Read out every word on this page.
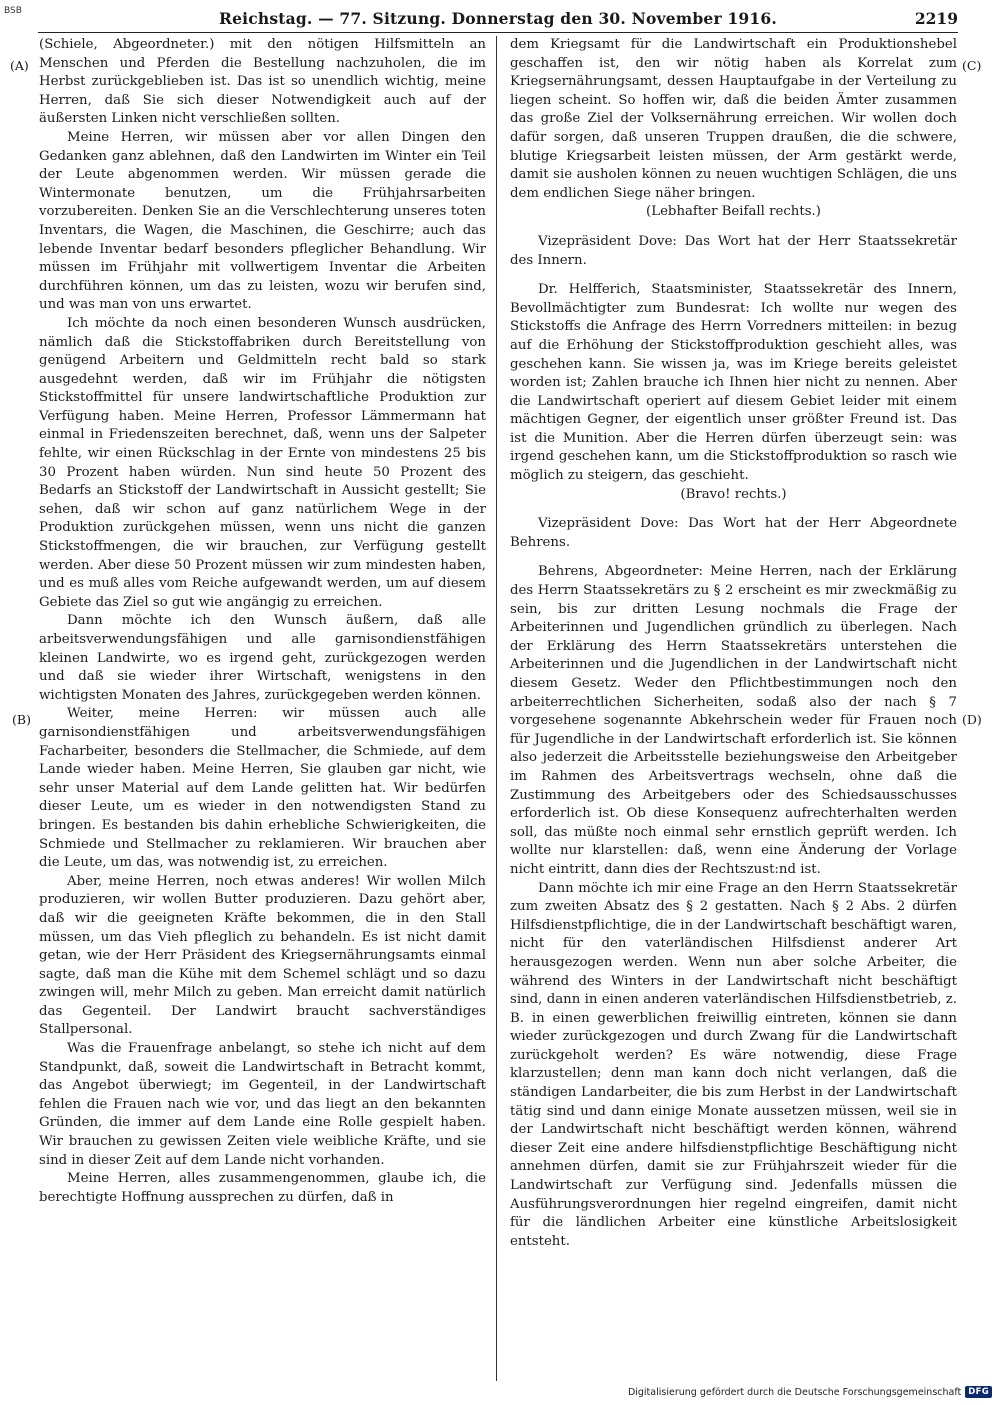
BSB	Reichstag. — 77. Sitzung. Donnerstag den 30. November 1916.	2219
(A)
(B)
(C)
(D)

(Schiele, Abgeordneter.) mit den nötigen Hilfsmitteln an Menschen und Pferden die Bestellung nachzuholen, die im Herbst zurückgeblieben ist. Das ist so unendlich wichtig, meine Herren, daß Sie sich dieser Notwendigkeit auch auf der äußersten Linken nicht verschließen sollten.

Meine Herren, wir müssen aber vor allen Dingen den Gedanken ganz ablehnen, daß den Landwirten im Winter ein Teil der Leute abgenommen werden. Wir müssen gerade die Wintermonate benutzen, um die Frühjahrsarbeiten vorzubereiten. Denken Sie an die Verschlechterung unseres toten Inventars, die Wagen, die Maschinen, die Geschirre; auch das lebende Inventar bedarf besonders pfleglicher Behandlung. Wir müssen im Frühjahr mit vollwertigem Inventar die Arbeiten durchführen können, um das zu leisten, wozu wir berufen sind, und was man von uns erwartet.

Ich möchte da noch einen besonderen Wunsch ausdrücken, nämlich daß die Stickstoffabriken durch Bereitstellung von genügend Arbeitern und Geldmitteln recht bald so stark ausgedehnt werden, daß wir im Frühjahr die nötigsten Stickstoffmittel für unsere landwirtschaftliche Produktion zur Verfügung haben. Meine Herren, Professor Lämmermann hat einmal in Friedenszeiten berechnet, daß, wenn uns der Salpeter fehlte, wir einen Rückschlag in der Ernte von mindestens 25 bis 30 Prozent haben würden. Nun sind heute 50 Prozent des Bedarfs an Stickstoff der Landwirtschaft in Aussicht gestellt; Sie sehen, daß wir schon auf ganz natürlichem Wege in der Produktion zurückgehen müssen, wenn uns nicht die ganzen Stickstoffmengen, die wir brauchen, zur Verfügung gestellt werden. Aber diese 50 Prozent müssen wir zum mindesten haben, und es muß alles vom Reiche aufgewandt werden, um auf diesem Gebiete das Ziel so gut wie angängig zu erreichen.

Dann möchte ich den Wunsch äußern, daß alle arbeitsverwendungsfähigen und alle garnisondienstfähigen kleinen Landwirte, wo es irgend geht, zurückgezogen werden und daß sie wieder ihrer Wirtschaft, wenigstens in den wichtigsten Monaten des Jahres, zurückgegeben werden können.

Weiter, meine Herren: wir müssen auch alle garnisondienstfähigen und arbeitsverwendungsfähigen Facharbeiter, besonders die Stellmacher, die Schmiede, auf dem Lande wieder haben. Meine Herren, Sie glauben gar nicht, wie sehr unser Material auf dem Lande gelitten hat. Wir bedürfen dieser Leute, um es wieder in den notwendigsten Stand zu bringen. Es bestanden bis dahin erhebliche Schwierigkeiten, die Schmiede und Stellmacher zu reklamieren. Wir brauchen aber die Leute, um das, was notwendig ist, zu erreichen.

Aber, meine Herren, noch etwas anderes! Wir wollen Milch produzieren, wir wollen Butter produzieren. Dazu gehört aber, daß wir die geeigneten Kräfte bekommen, die in den Stall müssen, um das Vieh pfleglich zu behandeln. Es ist nicht damit getan, wie der Herr Präsident des Kriegsernährungsamts einmal sagte, daß man die Kühe mit dem Schemel schlägt und so dazu zwingen will, mehr Milch zu geben. Man erreicht damit natürlich das Gegenteil. Der Landwirt braucht sachverständiges Stallpersonal.

Was die Frauenfrage anbelangt, so stehe ich nicht auf dem Standpunkt, daß, soweit die Landwirtschaft in Betracht kommt, das Angebot überwiegt; im Gegenteil, in der Landwirtschaft fehlen die Frauen nach wie vor, und das liegt an den bekannten Gründen, die immer auf dem Lande eine Rolle gespielt haben. Wir brauchen zu gewissen Zeiten viele weibliche Kräfte, und sie sind in dieser Zeit auf dem Lande nicht vorhanden.

Meine Herren, alles zusammengenommen, glaube ich, die berechtigte Hoffnung aussprechen zu dürfen, daß in

dem Kriegsamt für die Landwirtschaft ein Produktionshebel geschaffen ist, den wir nötig haben als Korrelat zum Kriegsernährungsamt, dessen Hauptaufgabe in der Verteilung zu liegen scheint. So hoffen wir, daß die beiden Ämter zusammen das große Ziel der Volksernährung erreichen. Wir wollen doch dafür sorgen, daß unseren Truppen draußen, die die schwere, blutige Kriegsarbeit leisten müssen, der Arm gestärkt werde, damit sie ausholen können zu neuen wuchtigen Schlägen, die uns dem endlichen Siege näher bringen.

(Lebhafter Beifall rechts.)

Vizepräsident Dove: Das Wort hat der Herr Staatssekretär des Innern.

Dr. Helfferich, Staatsminister, Staatssekretär des Innern, Bevollmächtigter zum Bundesrat: Ich wollte nur wegen des Stickstoffs die Anfrage des Herrn Vorredners mitteilen: in bezug auf die Erhöhung der Stickstoffproduktion geschieht alles, was geschehen kann. Sie wissen ja, was im Kriege bereits geleistet worden ist; Zahlen brauche ich Ihnen hier nicht zu nennen. Aber die Landwirtschaft operiert auf diesem Gebiet leider mit einem mächtigen Gegner, der eigentlich unser größter Freund ist. Das ist die Munition. Aber die Herren dürfen überzeugt sein: was irgend geschehen kann, um die Stickstoffproduktion so rasch wie möglich zu steigern, das geschieht.

(Bravo! rechts.)

Vizepräsident Dove: Das Wort hat der Herr Abgeordnete Behrens.

Behrens, Abgeordneter: Meine Herren, nach der Erklärung des Herrn Staatssekretärs zu § 2 erscheint es mir zweckmäßig zu sein, bis zur dritten Lesung nochmals die Frage der Arbeiterinnen und Jugendlichen gründlich zu überlegen. Nach der Erklärung des Herrn Staatssekretärs unterstehen die Arbeiterinnen und die Jugendlichen in der Landwirtschaft nicht diesem Gesetz. Weder den Pflichtbestimmungen noch den arbeiterrechtlichen Sicherheiten, sodaß also der nach § 7 vorgesehene sogenannte Abkehrschein weder für Frauen noch für Jugendliche in der Landwirtschaft erforderlich ist. Sie können also jederzeit die Arbeitsstelle beziehungsweise den Arbeitgeber im Rahmen des Arbeitsvertrags wechseln, ohne daß die Zustimmung des Arbeitgebers oder des Schiedsausschusses erforderlich ist. Ob diese Konsequenz aufrechterhalten werden soll, das müßte noch einmal sehr ernstlich geprüft werden. Ich wollte nur klarstellen: daß, wenn eine Änderung der Vorlage nicht eintritt, dann dies der Rechtszust:nd ist.

Dann möchte ich mir eine Frage an den Herrn Staatssekretär zum zweiten Absatz des § 2 gestatten. Nach § 2 Abs. 2 dürfen Hilfsdienstpflichtige, die in der Landwirtschaft beschäftigt waren, nicht für den vaterländischen Hilfsdienst anderer Art herausgezogen werden. Wenn nun aber solche Arbeiter, die während des Winters in der Landwirtschaft nicht beschäftigt sind, dann in einen anderen vaterländischen Hilfsdienstbetrieb, z. B. in einen gewerblichen freiwillig eintreten, können sie dann wieder zurückgezogen und durch Zwang für die Landwirtschaft zurückgeholt werden? Es wäre notwendig, diese Frage klarzustellen; denn man kann doch nicht verlangen, daß die ständigen Landarbeiter, die bis zum Herbst in der Landwirtschaft tätig sind und dann einige Monate aussetzen müssen, weil sie in der Landwirtschaft nicht beschäftigt werden können, während dieser Zeit eine andere hilfsdienstpflichtige Beschäftigung nicht annehmen dürfen, damit sie zur Frühjahrszeit wieder für die Landwirtschaft zur Verfügung sind. Jedenfalls müssen die Ausführungsverordnungen hier regelnd eingreifen, damit nicht für die ländlichen Arbeiter eine künstliche Arbeitslosigkeit entsteht.

Digitalisierung gefördert durch die Deutsche Forschungsgemeinschaft DFG
